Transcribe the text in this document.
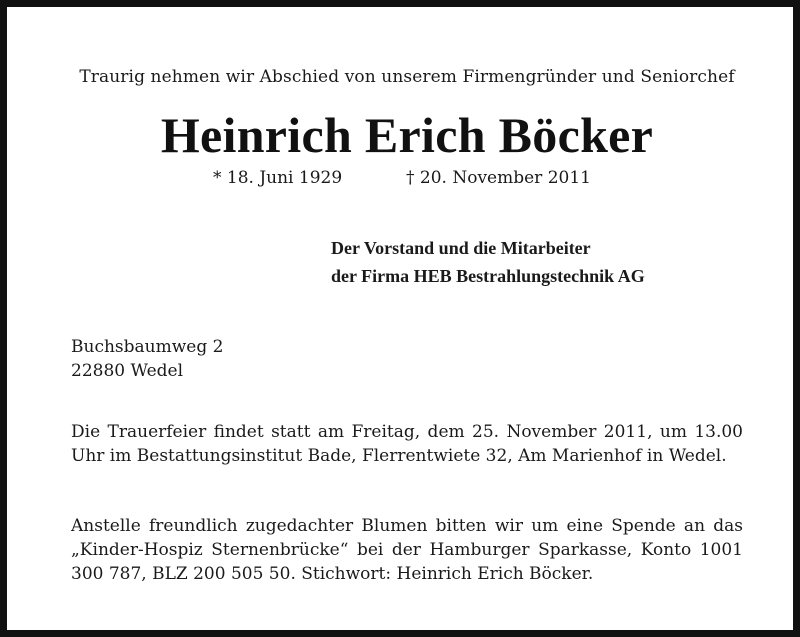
Traurig nehmen wir Abschied von unserem Firmengründer und Seniorchef
Heinrich Erich Böcker
* 18. Juni 1929	† 20. November 2011
Der Vorstand und die Mitarbeiter
der Firma HEB Bestrahlungstechnik AG
Buchsbaumweg 2
22880 Wedel
Die Trauerfeier findet statt am Freitag, dem 25. November 2011, um 13.00 Uhr im Bestattungsinstitut Bade, Flerrentwiete 32, Am Marienhof in Wedel.
Anstelle freundlich zugedachter Blumen bitten wir um eine Spende an das „Kinder-Hospiz Sternenbrücke“ bei der Hamburger Sparkasse, Konto 1001 300 787, BLZ 200 505 50. Stichwort: Heinrich Erich Böcker.
